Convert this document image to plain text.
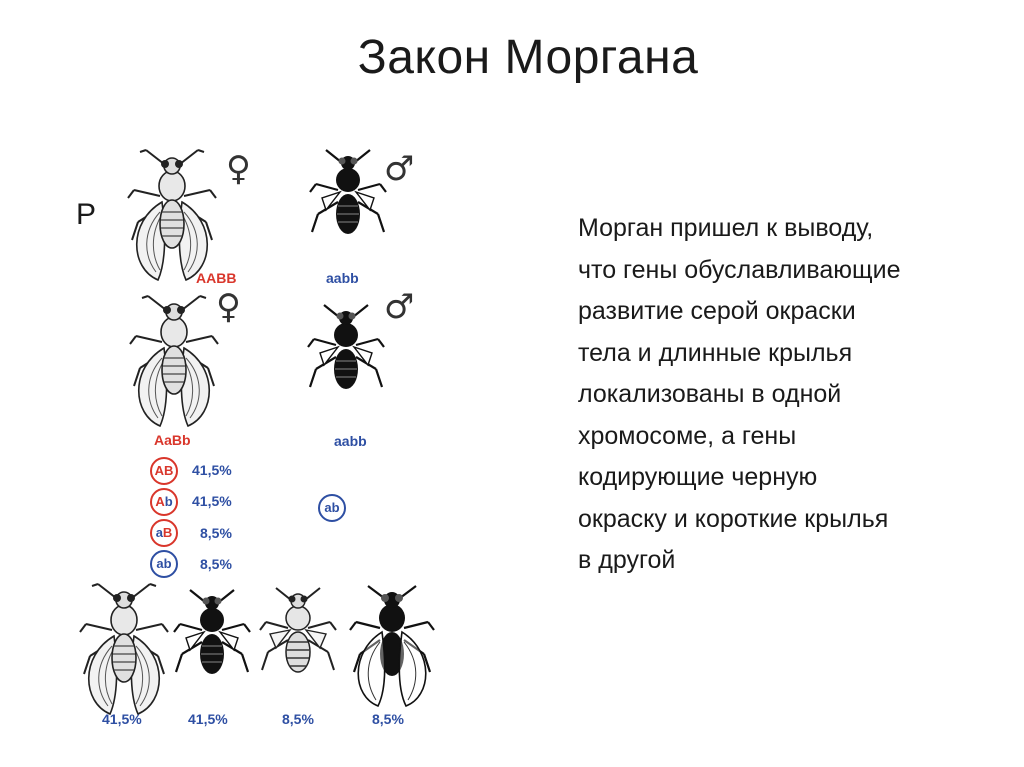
Закон Моргана
P
♀	♂
AABB	aabb
♀	♂
AaBb	aabb
AB	41,5%
Ab	41,5%
aB	8,5%
ab	8,5%
ab
41,5%	41,5%	8,5%	8,5%

Морган пришел к выводу,
что гены обуславливающие
развитие серой окраски
тела и длинные крылья
локализованы в одной
хромосоме, а гены
кодирующие черную
окраску и короткие крылья
в другой
